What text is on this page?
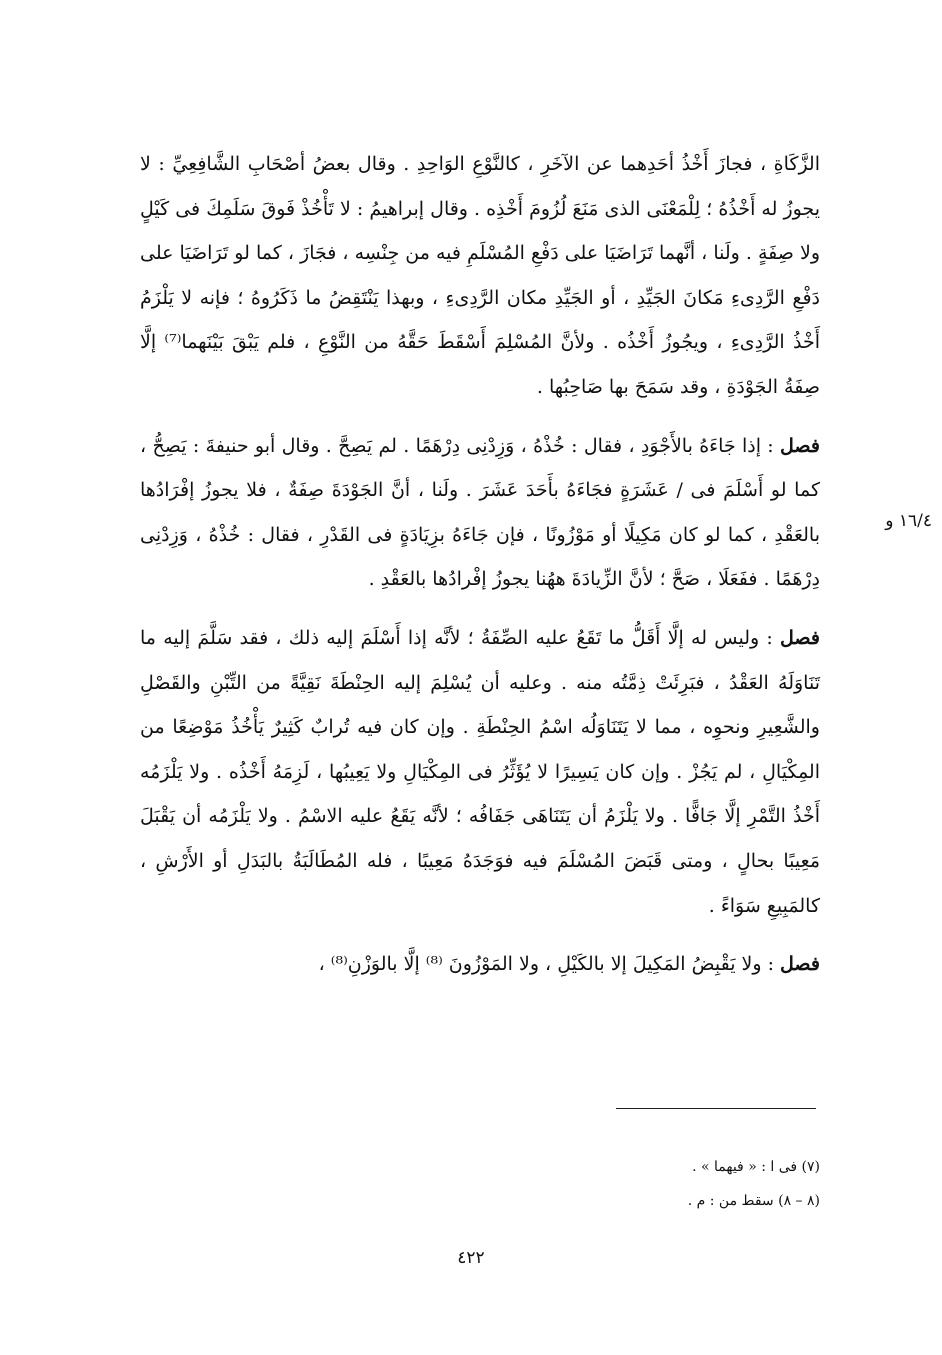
١٦/٤ و

الزَّكَاةِ ، فجازَ أَخْذُ أحَدِهما عن الآخَرِ ، كالنَّوْعِ الوَاحِدِ . وقال بعضُ أصْحَابِ الشَّافِعِيِّ : لا يجوزُ له أَخْذُهُ ؛ لِلْمَعْنَى الذى مَنَعَ لُزُومَ أَخْذِه . وقال إبراهيمُ : لا تَأْخُذْ فَوقَ سَلَمِكَ فى كَيْلٍ ولا صِفَةٍ . ولَنا ، أنَّهما تَرَاضَيَا على دَفْعِ المُسْلَمِ فيه من جِنْسِه ، فجَازَ ، كما لو تَرَاضَيَا على دَفْعِ الرَّدِىءِ مَكانَ الجَيِّدِ ، أو الجَيِّدِ مكان الرَّدِىءِ ، وبهذا يَنْتَقِضُ ما ذَكَرُوهُ ؛ فإنه لا يَلْزَمُ أَخْذُ الرَّدِىءِ ، ويجُوزُ أَخْذُه . ولأنَّ المُسْلِمَ أَسْقَطَ حَقَّهُ من النَّوْعِ ، فلم يَبْقَ بَيْنَهما⁽⁷⁾ إلَّا صِفَةُ الجَوْدَةِ ، وقد سَمَحَ بها صَاحِبُها .

فصل : إذا جَاءَهُ بالأَجْوَدِ ، فقال : خُذْهُ ، وَزِدْنِى دِرْهَمًا . لم يَصِحَّ . وقال أبو حنيفةَ : يَصِحُّ ، كما لو أَسْلَمَ فى / عَشَرَةٍ فجَاءَهُ بأَحَدَ عَشَرَ . ولَنا ، أنَّ الجَوْدَةَ صِفَةٌ ، فلا يجوزُ إفْرَادُها بالعَقْدِ ، كما لو كان مَكِيلًا أو مَوْزُونًا ، فإن جَاءَهُ بزِيَادَةٍ فى القَدْرِ ، فقال : خُذْهُ ، وَزِدْنِى دِرْهَمًا . ففَعَلَا ، صَحَّ ؛ لأنَّ الزِّيادَةَ ههُنا يجوزُ إفْرادُها بالعَقْدِ .

فصل : وليس له إلَّا أَقَلُّ ما تَقَعُ عليه الصِّفَةُ ؛ لأنَّه إذا أَسْلَمَ إليه ذلك ، فقد سَلَّمَ إليه ما تَنَاوَلَهُ العَقْدُ ، فبَرِئَتْ ذِمَّتُه منه . وعليه أن يُسْلِمَ إليه الحِنْطَةَ نَقِيَّةً من التِّبْنِ والقَصْلِ والشَّعِيرِ ونحوِه ، مما لا يَتَنَاوَلُه اسْمُ الحِنْطَةِ . وإن كان فيه تُرابٌ كَثِيرٌ يَأْخُذُ مَوْضِعًا من المِكْيَالِ ، لم يَجُزْ . وإن كان يَسِيرًا لا يُؤَثِّرُ فى المِكْيَالِ ولا يَعِيبُها ، لَزِمَهُ أَخْذُه . ولا يَلْزَمُه أَخْذُ التَّمْرِ إلَّا جَافًّا . ولا يَلْزَمُ أن يَتَنَاهَى جَفَافُه ؛ لأنَّه يَقَعُ عليه الاسْمُ . ولا يَلْزَمُه أن يَقْبَلَ مَعِيبًا بحالٍ ، ومتى قَبَضَ المُسْلَمَ فيه فوَجَدَهُ مَعِيبًا ، فله المُطَالَبَةُ بالبَدَلِ أو الأَرْشِ ، كالمَبِيعِ سَوَاءً .

فصل : ولا يَقْبِضُ المَكِيلَ إلا بالكَيْلِ ، ولا المَوْزُونَ ⁽⁸⁾ إلَّا بالوَزْنِ⁽⁸⁾ ،

(٧) فى ا : « فيهما » .

(٨ – ٨) سقط من : م .

٤٢٢
